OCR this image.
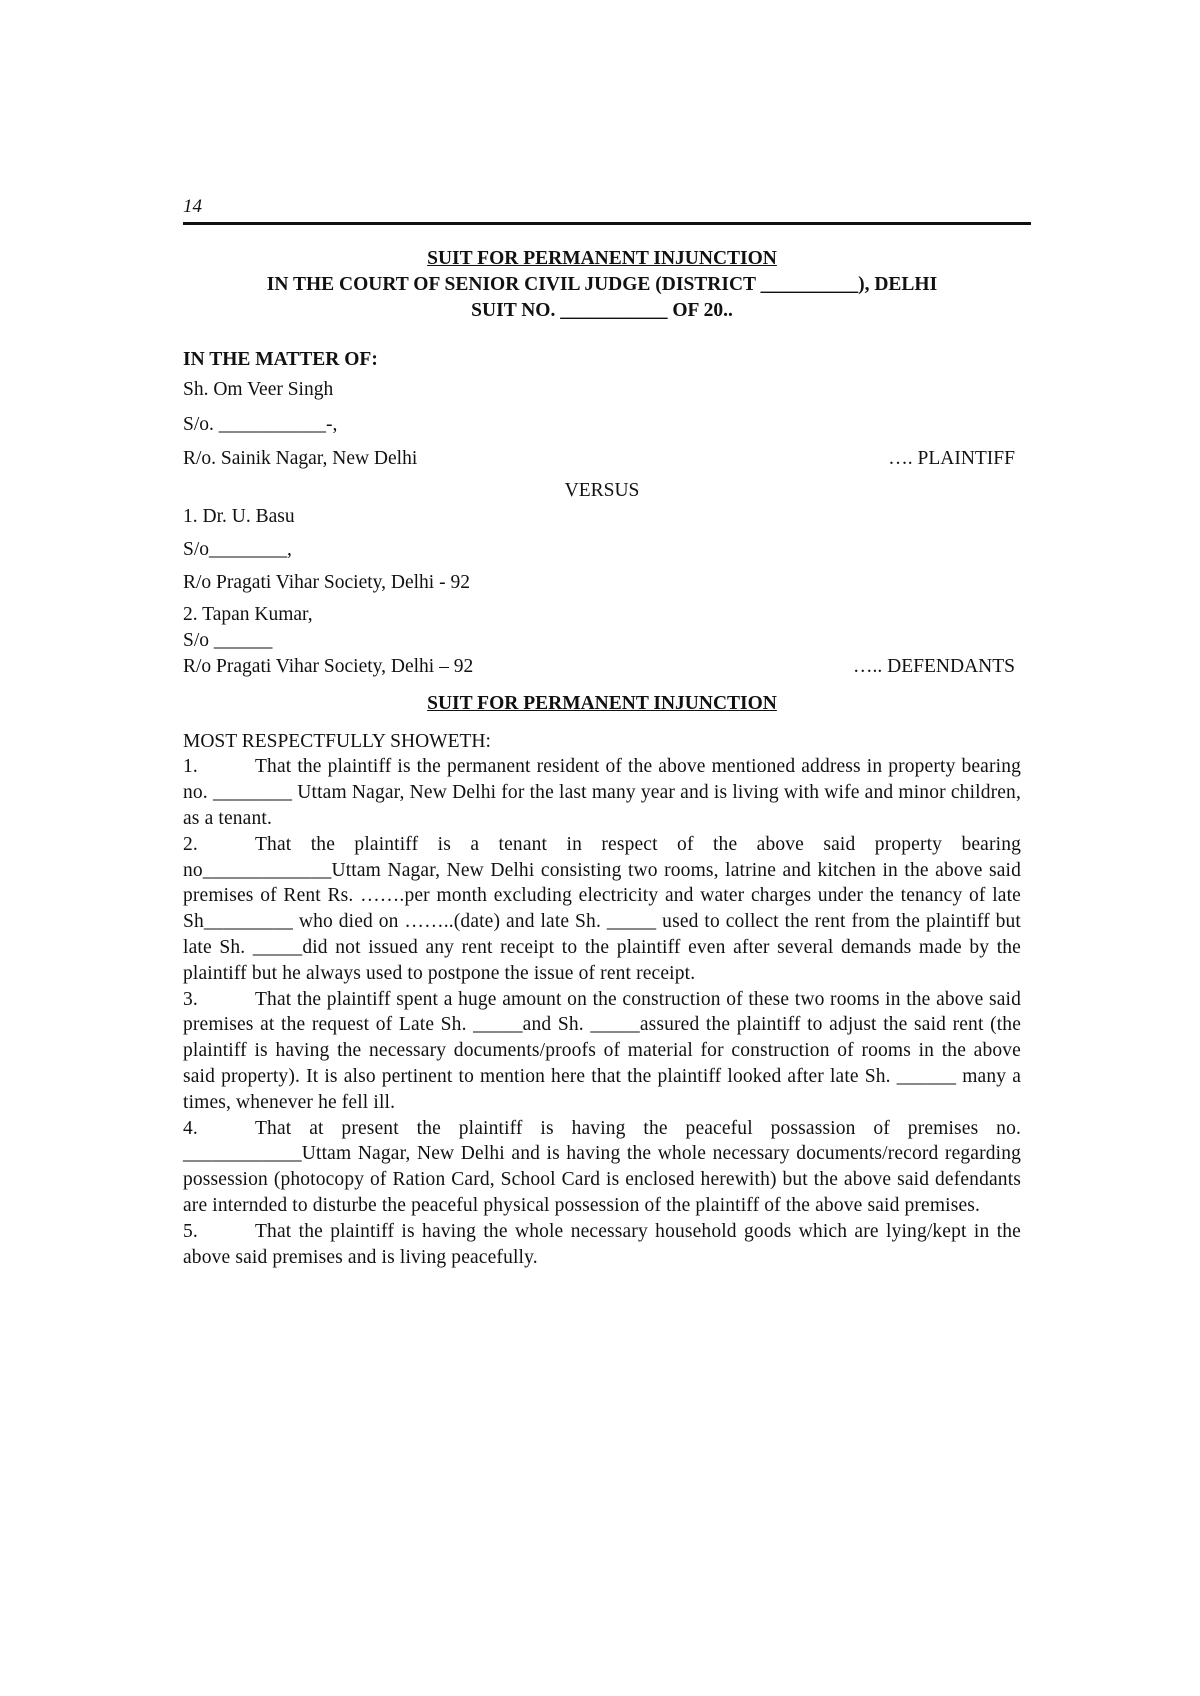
14
SUIT FOR PERMANENT INJUNCTION
IN THE COURT OF SENIOR CIVIL JUDGE (DISTRICT __________), DELHI
SUIT NO. ___________ OF 20..
IN THE MATTER OF:
Sh. Om Veer Singh
S/o. ___________-,
R/o. Sainik Nagar, New Delhi	…. PLAINTIFF
VERSUS
1. Dr. U. Basu
S/o________,
R/o Pragati Vihar Society, Delhi - 92
2. Tapan Kumar,
S/o ______
R/o Pragati Vihar Society, Delhi – 92	….. DEFENDANTS
SUIT FOR PERMANENT INJUNCTION
MOST RESPECTFULLY SHOWETH:
1.	That the plaintiff is the permanent resident of the above mentioned address in property bearing no. ________ Uttam Nagar, New Delhi for the last many year and is living with wife and minor children, as a tenant.
2.	That the plaintiff is a tenant in respect of the above said property bearing no_____________Uttam Nagar, New Delhi consisting two rooms, latrine and kitchen in the above said premises of Rent Rs. …….per month excluding electricity and water charges under the tenancy of late Sh_________ who died on ……..(date) and late Sh. _____ used to collect the rent from the plaintiff but late Sh. _____did not issued any rent receipt to the plaintiff even after several demands made by the plaintiff but he always used to postpone the issue of rent receipt.
3.	That the plaintiff spent a huge amount on the construction of these two rooms in the above said premises at the request of Late Sh. _____and Sh. _____assured the plaintiff to adjust the said rent (the plaintiff is having the necessary documents/proofs of material for construction of rooms in the above said property). It is also pertinent to mention here that the plaintiff looked after late Sh. ______ many a times, whenever he fell ill.
4.	That at present the plaintiff is having the peaceful possassion of premises no. ____________Uttam Nagar, New Delhi and is having the whole necessary documents/record regarding possession (photocopy of Ration Card, School Card is enclosed herewith) but the above said defendants are internded to disturbe the peaceful physical possession of the plaintiff of the above said premises.
5.	That the plaintiff is having the whole necessary household goods which are lying/kept in the above said premises and is living peacefully.
